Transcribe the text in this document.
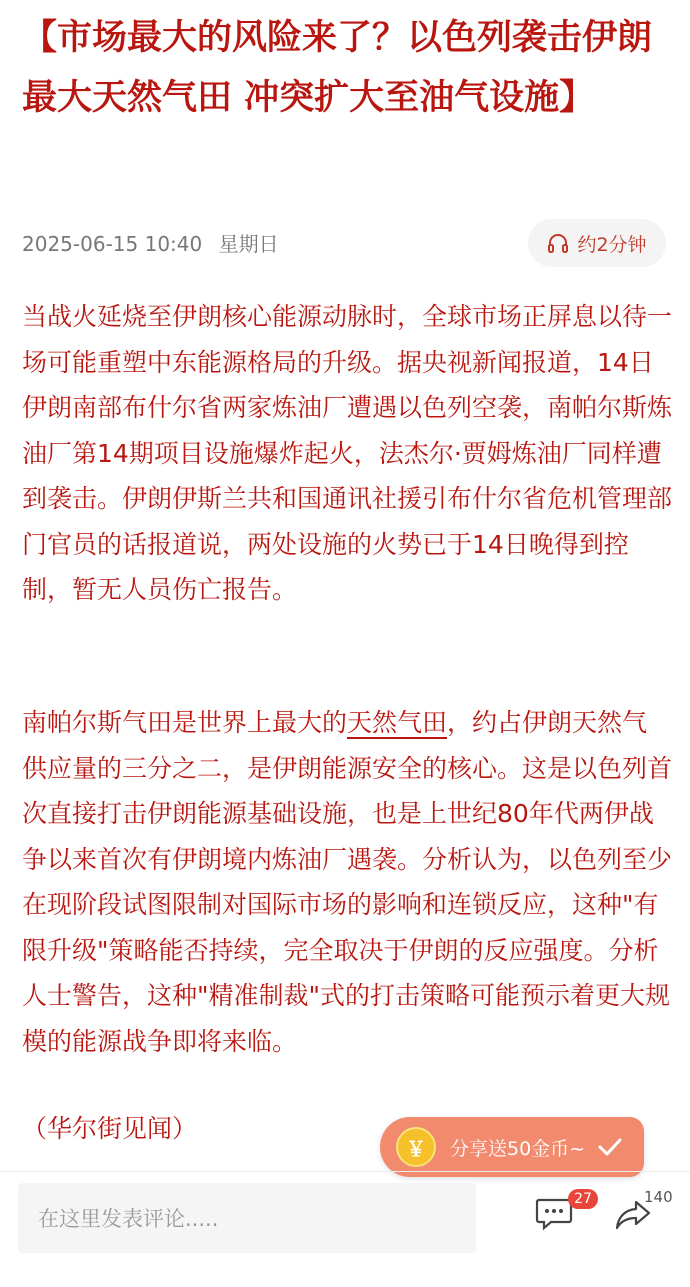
【市场最大的风险来了？以色列袭击伊朗最大天然气田 冲突扩大至油气设施】
2025-06-15 10:40 星期日	约2分钟

当战火延烧至伊朗核心能源动脉时，全球市场正屏息以待一场可能重塑中东能源格局的升级。据央视新闻报道，14日伊朗南部布什尔省两家炼油厂遭遇以色列空袭，南帕尔斯炼油厂第14期项目设施爆炸起火，法杰尔·贾姆炼油厂同样遭到袭击。伊朗伊斯兰共和国通讯社援引布什尔省危机管理部门官员的话报道说，两处设施的火势已于14日晚得到控制，暂无人员伤亡报告。

南帕尔斯气田是世界上最大的天然气田，约占伊朗天然气供应量的三分之二，是伊朗能源安全的核心。这是以色列首次直接打击伊朗能源基础设施，也是上世纪80年代两伊战争以来首次有伊朗境内炼油厂遇袭。分析认为，以色列至少在现阶段试图限制对国际市场的影响和连锁反应，这种"有限升级"策略能否持续，完全取决于伊朗的反应强度。分析人士警告，这种"精准制裁"式的打击策略可能预示着更大规模的能源战争即将来临。

（华尔街见闻）
￥	分享送50金币~
在这里发表评论.....
27	140
